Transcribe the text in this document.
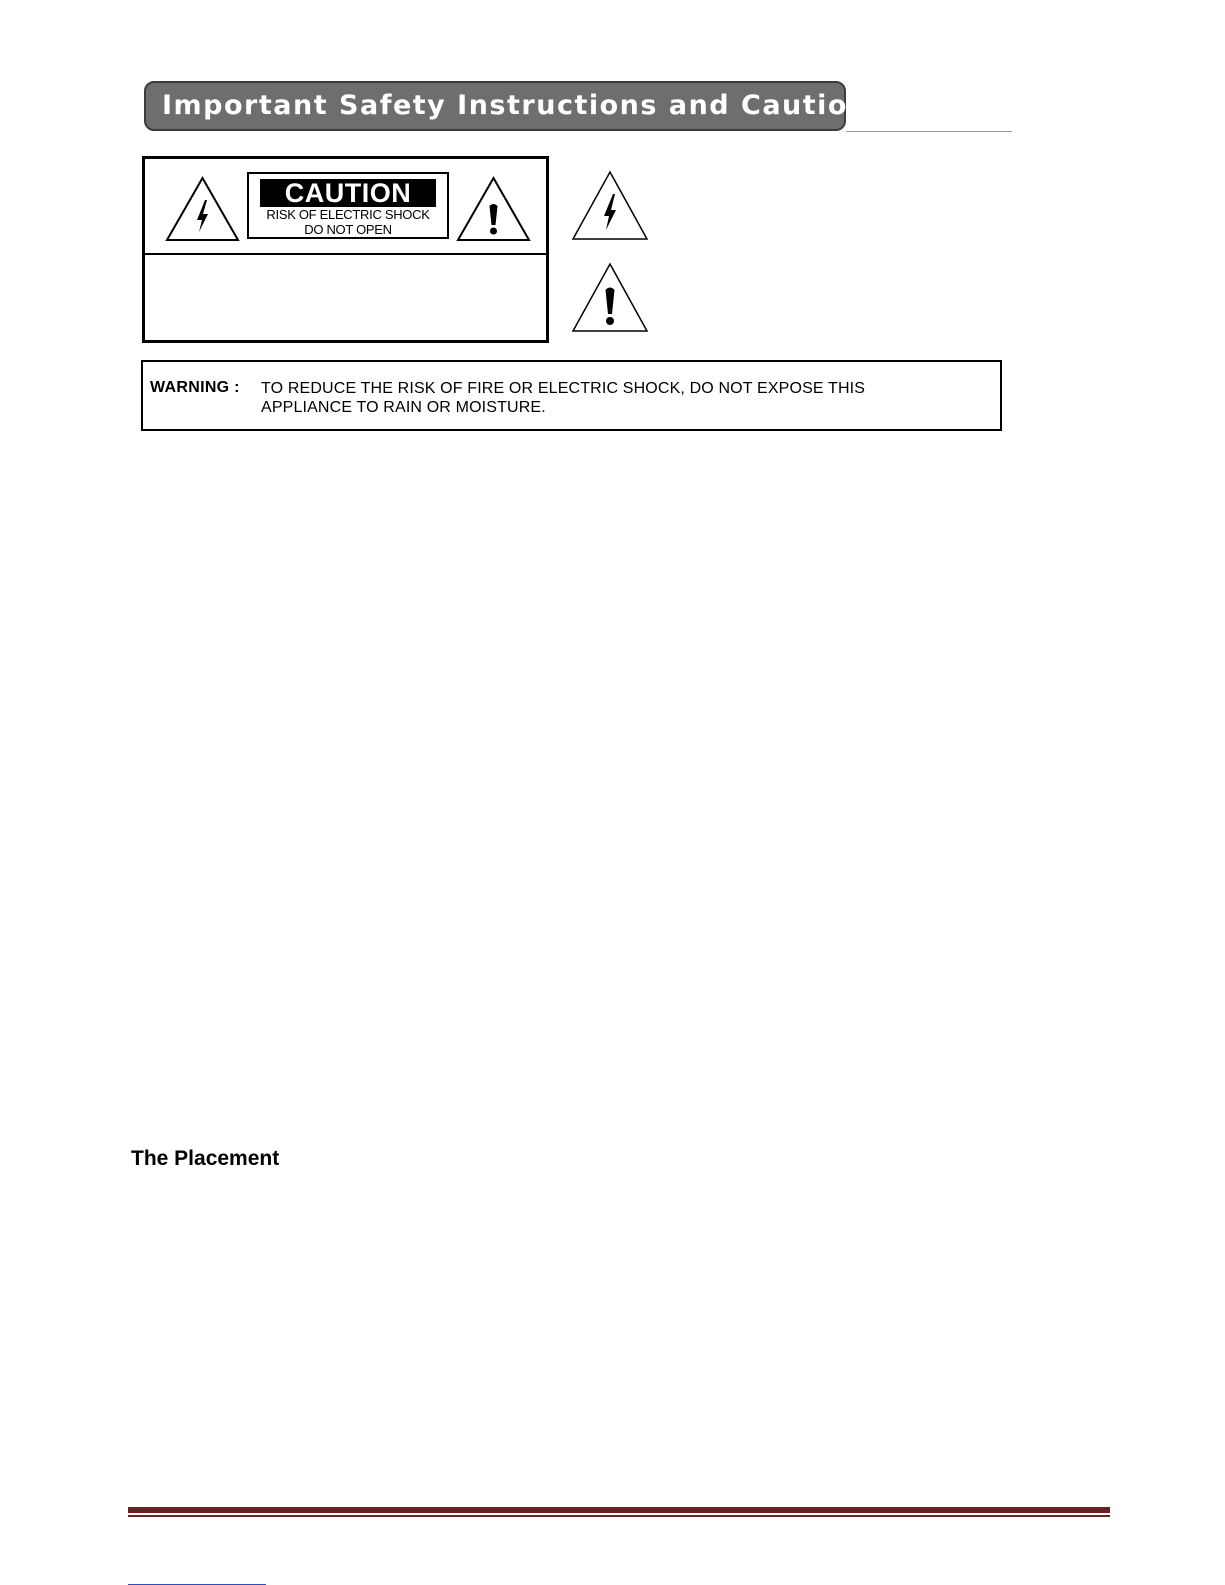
Important Safety Instructions and Caution
CAUTION
RISK OF ELECTRIC SHOCK
DO NOT OPEN
WARNING : TO REDUCE THE RISK OF FIRE OR ELECTRIC SHOCK, DO NOT EXPOSE THIS
APPLIANCE TO RAIN OR MOISTURE.
The Placement
